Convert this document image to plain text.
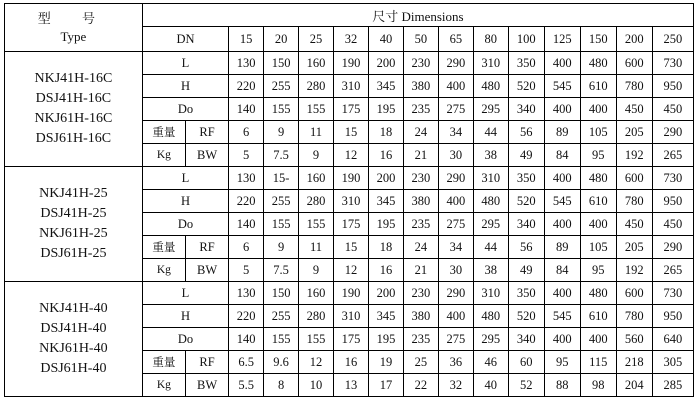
型 号
Type	尺寸 Dimensions														
	DN		15	20	25	32	40	50	65	80	100	125	150	200	250

NKJ41H-16C
DSJ41H-16C
NKJ61H-16C
DSJ61H-16C	L		130	150	160	190	200	230	290	310	350	400	480	600	730
	H		220	255	280	310	345	380	400	480	520	545	610	780	950
	Do		140	155	155	175	195	235	275	295	340	400	400	450	450
	重量	RF	6	9	11	15	18	24	34	44	56	89	105	205	290
	Kg	BW	5	7.5	9	12	16	21	30	38	49	84	95	192	265

NKJ41H-25
DSJ41H-25
NKJ61H-25
DSJ61H-25	L		130	15-	160	190	200	230	290	310	350	400	480	600	730
	H		220	255	280	310	345	380	400	480	520	545	610	780	950
	Do		140	155	155	175	195	235	275	295	340	400	400	450	450
	重量	RF	6	9	11	15	18	24	34	44	56	89	105	205	290
	Kg	BW	5	7.5	9	12	16	21	30	38	49	84	95	192	265

NKJ41H-40
DSJ41H-40
NKJ61H-40
DSJ61H-40	L		130	150	160	190	200	230	290	310	350	400	480	600	730
	H		220	255	280	310	345	380	400	480	520	545	610	780	950
	Do		140	155	155	175	195	235	275	295	340	400	400	560	640
	重量	RF	6.5	9.6	12	16	19	25	36	46	60	95	115	218	305
	Kg	BW	5.5	8	10	13	17	22	32	40	52	88	98	204	285
